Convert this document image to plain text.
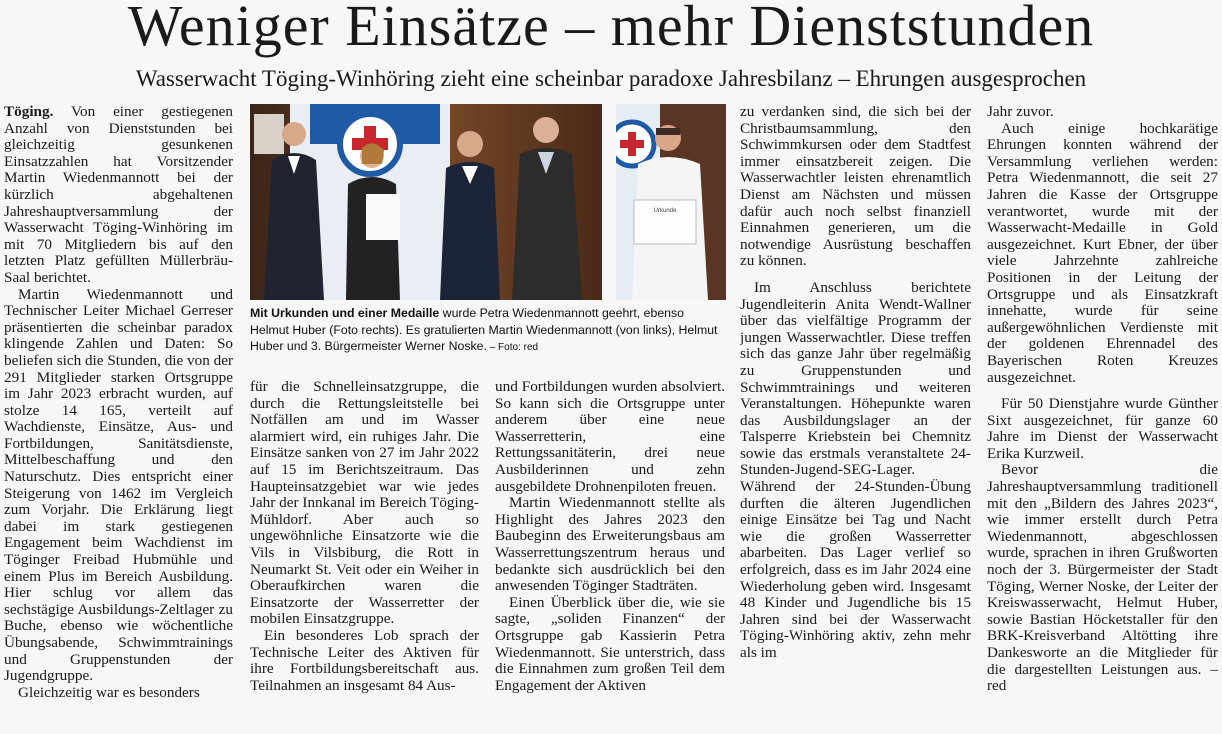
Weniger Einsätze – mehr Dienststunden
Wasserwacht Töging-Winhöring zieht eine scheinbar paradoxe Jahresbilanz – Ehrungen ausgesprochen

Töging. Von einer gestiegenen Anzahl von Dienststunden bei gleichzeitig gesunkenen Einsatzzahlen hat Vorsitzender Martin Wiedenmannott bei der kürzlich abgehaltenen Jahreshauptversammlung der Wasserwacht Töging-Winhöring im mit 70 Mitgliedern bis auf den letzten Platz gefüllten Müllerbräu-Saal berichtet.

Martin Wiedenmannott und Technischer Leiter Michael Gerreser präsentierten die scheinbar paradox klingende Zahlen und Daten: So beliefen sich die Stunden, die von der 291 Mitglieder starken Ortsgruppe im Jahr 2023 erbracht wurden, auf stolze 14 165, verteilt auf Wachdienste, Einsätze, Aus- und Fortbildungen, Sanitätsdienste, Mittelbeschaffung und den Naturschutz. Dies entspricht einer Steigerung von 1462 im Vergleich zum Vorjahr. Die Erklärung liegt dabei im stark gestiegenen Engagement beim Wachdienst im Töginger Freibad Hubmühle und einem Plus im Bereich Ausbildung. Hier schlug vor allem das sechstägige Ausbildungs-Zeltlager zu Buche, ebenso wie wöchentliche Übungsabende, Schwimmtrainings und Gruppenstunden der Jugendgruppe.

Gleichzeitig war es besonders

Urkunde
Mit Urkunden und einer Medaille wurde Petra Wiedenmannott geehrt, ebenso Helmut Huber (Foto rechts). Es gratulierten Martin Wiedenmannott (von links), Helmut Huber und 3. Bürgermeister Werner Noske. – Foto: red

für die Schnelleinsatzgruppe, die durch die Rettungsleitstelle bei Notfällen am und im Wasser alarmiert wird, ein ruhiges Jahr. Die Einsätze sanken von 27 im Jahr 2022 auf 15 im Berichtszeitraum. Das Haupteinsatzgebiet war wie jedes Jahr der Innkanal im Bereich Töging-Mühldorf. Aber auch so ungewöhnliche Einsatzorte wie die Vils in Vilsbiburg, die Rott in Neumarkt St. Veit oder ein Weiher in Oberaufkirchen waren die Einsatzorte der Wasserretter der mobilen Einsatzgruppe.

Ein besonderes Lob sprach der Technische Leiter des Aktiven für ihre Fortbildungsbereitschaft aus. Teilnahmen an insgesamt 84 Aus-

und Fortbildungen wurden absolviert. So kann sich die Ortsgruppe unter anderem über eine neue Wasserretterin, eine Rettungssanitäterin, drei neue Ausbilderinnen und zehn ausgebildete Drohnenpiloten freuen.

Martin Wiedenmannott stellte als Highlight des Jahres 2023 den Baubeginn des Erweiterungsbaus am Wasserrettungszentrum heraus und bedankte sich ausdrücklich bei den anwesenden Töginger Stadträten.

Einen Überblick über die, wie sie sagte, „soliden Finanzen“ der Ortsgruppe gab Kassierin Petra Wiedenmannott. Sie unterstrich, dass die Einnahmen zum großen Teil dem Engagement der Aktiven

zu verdanken sind, die sich bei der Christbaumsammlung, den Schwimmkursen oder dem Stadtfest immer einsatzbereit zeigen. Die Wasserwachtler leisten ehrenamtlich Dienst am Nächsten und müssen dafür auch noch selbst finanziell Einnahmen generieren, um die notwendige Ausrüstung beschaffen zu können.

Im Anschluss berichtete Jugendleiterin Anita Wendt-Wallner über das vielfältige Programm der jungen Wasserwachtler. Diese treffen sich das ganze Jahr über regelmäßig zu Gruppenstunden und Schwimmtrainings und weiteren Veranstaltungen. Höhepunkte waren das Ausbildungslager an der Talsperre Kriebstein bei Chemnitz sowie das erstmals veranstaltete 24-Stunden-Jugend-SEG-Lager. Während der 24-Stunden-Übung durften die älteren Jugendlichen einige Einsätze bei Tag und Nacht wie die großen Wasserretter abarbeiten. Das Lager verlief so erfolgreich, dass es im Jahr 2024 eine Wiederholung geben wird. Insgesamt 48 Kinder und Jugendliche bis 15 Jahren sind bei der Wasserwacht Töging-Winhöring aktiv, zehn mehr als im

Jahr zuvor.

Auch einige hochkarätige Ehrungen konnten während der Versammlung verliehen werden: Petra Wiedenmannott, die seit 27 Jahren die Kasse der Ortsgruppe verantwortet, wurde mit der Wasserwacht-Medaille in Gold ausgezeichnet. Kurt Ebner, der über viele Jahrzehnte zahlreiche Positionen in der Leitung der Ortsgruppe und als Einsatzkraft innehatte, wurde für seine außergewöhnlichen Verdienste mit der goldenen Ehrennadel des Bayerischen Roten Kreuzes ausgezeichnet.

Für 50 Dienstjahre wurde Günther Sixt ausgezeichnet, für ganze 60 Jahre im Dienst der Wasserwacht Erika Kurzweil.

Bevor die Jahreshauptversammlung traditionell mit den „Bildern des Jahres 2023“, wie immer erstellt durch Petra Wiedenmannott, abgeschlossen wurde, sprachen in ihren Grußworten noch der 3. Bürgermeister der Stadt Töging, Werner Noske, der Leiter der Kreiswasserwacht, Helmut Huber, sowie Bastian Höcketstaller für den BRK-Kreisverband Altötting ihre Dankesworte an die Mitglieder für die dargestellten Leistungen aus. – red
